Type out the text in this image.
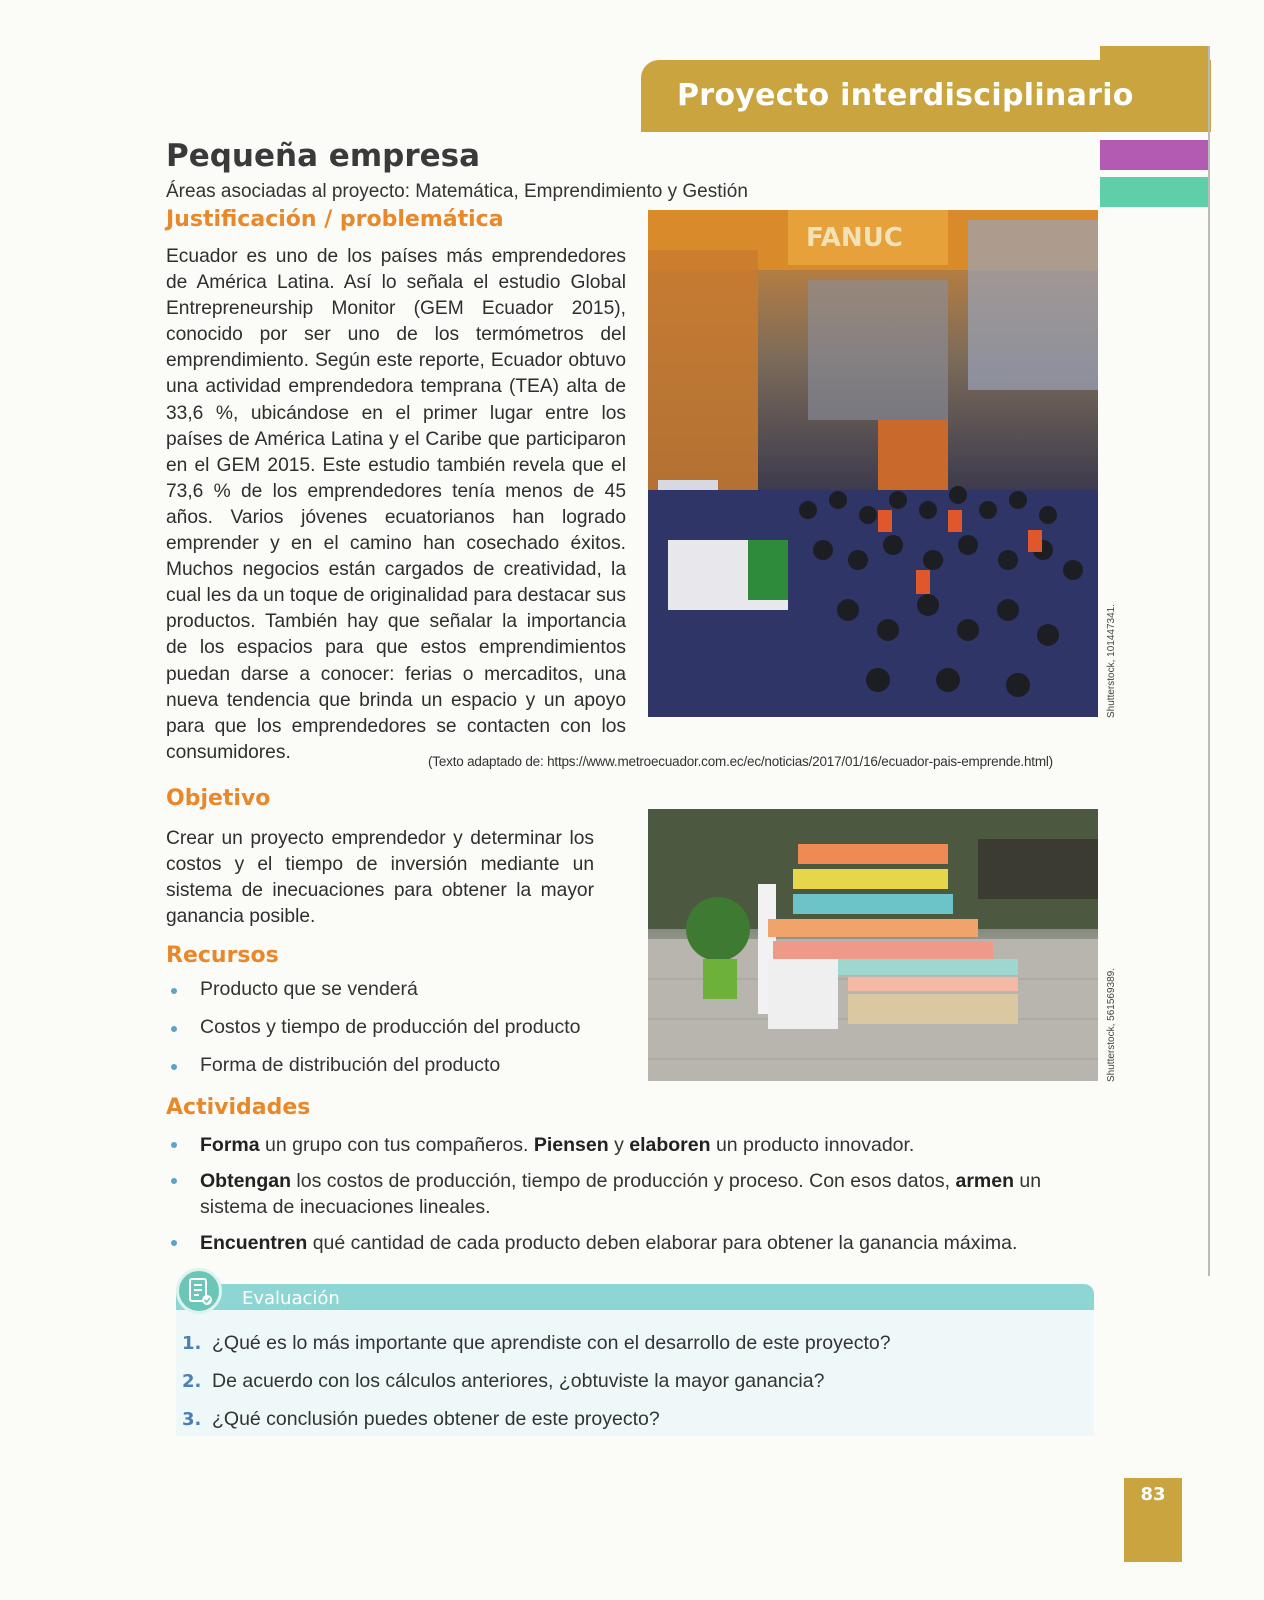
Proyecto interdisciplinario
Pequeña empresa
Áreas asociadas al proyecto: Matemática, Emprendimiento y Gestión
Justificación / problemática
Ecuador es uno de los países más emprendedores de América Latina. Así lo señala el estudio Global Entrepreneurship Monitor (GEM Ecuador 2015), conocido por ser uno de los termómetros del emprendimiento. Según este reporte, Ecuador obtuvo una actividad emprendedora temprana (TEA) alta de 33,6 %, ubicándose en el primer lugar entre los países de América Latina y el Caribe que participaron en el GEM 2015. Este estudio también revela que el 73,6 % de los emprendedores tenía menos de 45 años. Varios jóvenes ecuatorianos han logrado emprender y en el camino han cosechado éxitos. Muchos negocios están cargados de creatividad, la cual les da un toque de originalidad para destacar sus productos. También hay que señalar la importancia de los espacios para que estos emprendimientos puedan darse a conocer: ferias o mercaditos, una nueva tendencia que brinda un espacio y un apoyo para que los emprendedores se contacten con los consumidores.
FANUC
Shutterstock, 101447341.
(Texto adaptado de: https://www.metroecuador.com.ec/ec/noticias/2017/01/16/ecuador-pais-emprende.html)
Objetivo
Crear un proyecto emprendedor y determinar los costos y el tiempo de inversión mediante un sistema de inecuaciones para obtener la mayor ganancia posible.
Shutterstock, 561569389.
Recursos
Producto que se venderá
Costos y tiempo de producción del producto
Forma de distribución del producto
Actividades
Forma un grupo con tus compañeros. Piensen y elaboren un producto innovador.
Obtengan los costos de producción, tiempo de producción y proceso. Con esos datos, armen un sistema de inecuaciones lineales.
Encuentren qué cantidad de cada producto deben elaborar para obtener la ganancia máxima.
Evaluación
1. ¿Qué es lo más importante que aprendiste con el desarrollo de este proyecto?
2. De acuerdo con los cálculos anteriores, ¿obtuviste la mayor ganancia?
3. ¿Qué conclusión puedes obtener de este proyecto?
83
